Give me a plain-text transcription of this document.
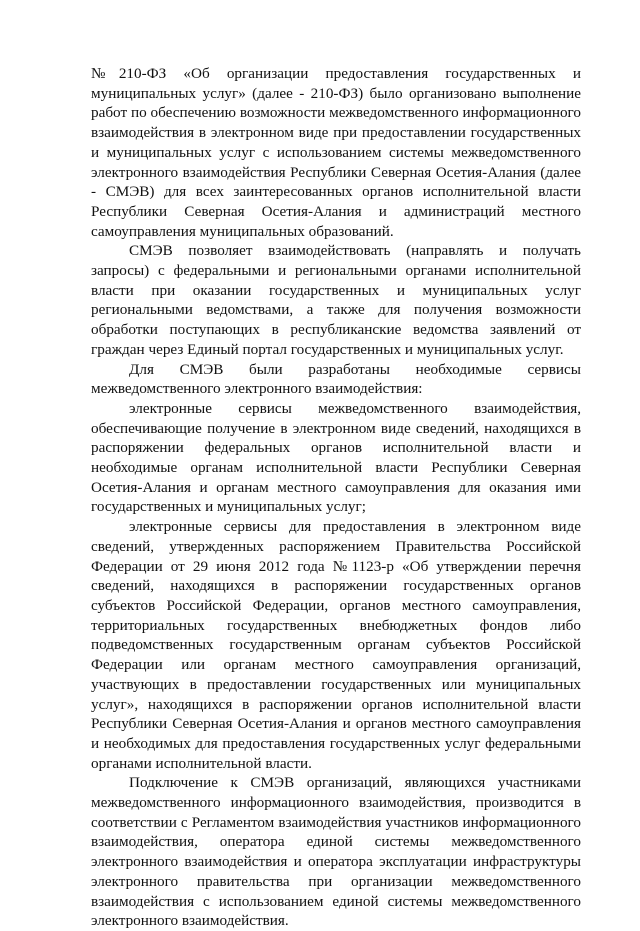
№210-ФЗ «Об организации предоставления государственных и муниципальных услуг» (далее - 210-ФЗ) было организовано выполнение работ по обеспечению возможности межведомственного информационного взаимодействия в электронном виде при предоставлении государственных и муниципальных услуг с использованием системы межведомственного электронного взаимодействия Республики Северная Осетия-Алания (далее - СМЭВ) для всех заинтересованных органов исполнительной власти Республики Северная Осетия-Алания и администраций местного самоуправления муниципальных образований.

СМЭВ позволяет взаимодействовать (направлять и получать запросы) с федеральными и региональными органами исполнительной власти при оказании государственных и муниципальных услуг региональными ведомствами, а также для получения возможности обработки поступающих в республиканские ведомства заявлений от граждан через Единый портал государственных и муниципальных услуг.

Для СМЭВ были разработаны необходимые сервисы межведомственного электронного взаимодействия:

электронные сервисы межведомственного взаимодействия, обеспечивающие получение в электронном виде сведений, находящихся в распоряжении федеральных органов исполнительной власти и необходимые органам исполнительной власти Республики Северная Осетия-Алания и органам местного самоуправления для оказания ими государственных и муниципальных услуг;

электронные сервисы для предоставления в электронном виде сведений, утвержденных распоряжением Правительства Российской Федерации от 29 июня 2012 года №1123-р «Об утверждении перечня сведений, находящихся в распоряжении государственных органов субъектов Российской Федерации, органов местного самоуправления, территориальных государственных внебюджетных фондов либо подведомственных государственным органам субъектов Российской Федерации или органам местного самоуправления организаций, участвующих в предоставлении государственных или муниципальных услуг», находящихся в распоряжении органов исполнительной власти Республики Северная Осетия-Алания и органов местного самоуправления и необходимых для предоставления государственных услуг федеральными органами исполнительной власти.

Подключение к СМЭВ организаций, являющихся участниками межведомственного информационного взаимодействия, производится в соответствии с Регламентом взаимодействия участников информационного взаимодействия, оператора единой системы межведомственного электронного взаимодействия и оператора эксплуатации инфраструктуры электронного правительства при организации межведомственного взаимодействия с использованием единой системы межведомственного электронного взаимодействия.
